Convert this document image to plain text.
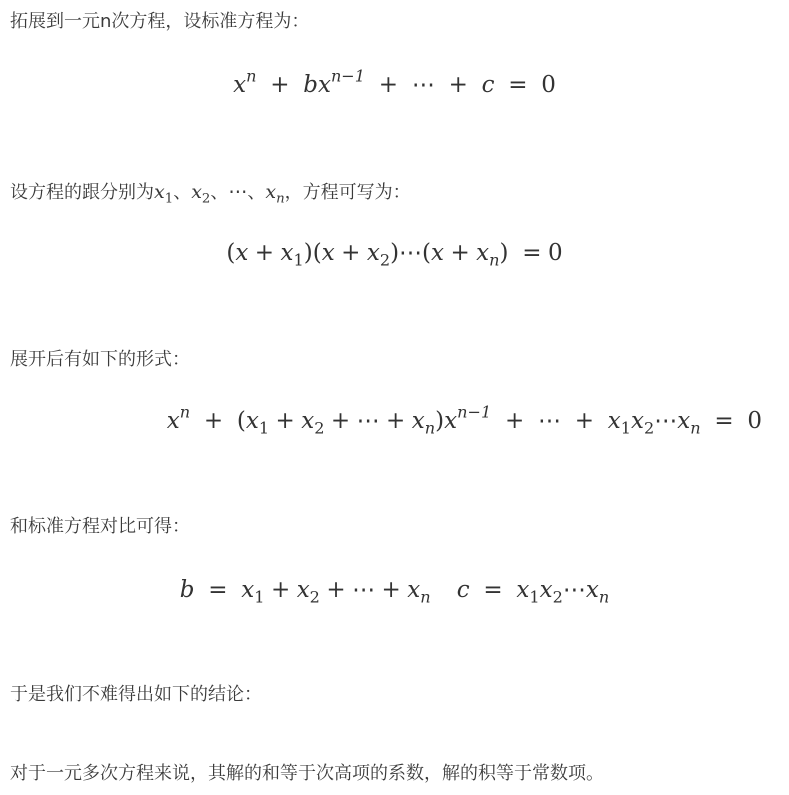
拓展到一元n次方程，设标准方程为：
$x^n + bx^{n-1}$ + ⋯ + c = 0
设方程的跟分别为$x_1$、$x_2$、⋯、$x_n$，方程可写为：
$(x + x_1)(x$ + $x_2)\cdots(x + x_n) = 0$
展开后有如下的形式：
$x^n + (x_1 + x_2$ + ⋯ + $x_n)x^{n-1}$ + ⋯ + $x_1x_2\cdots x_n = 0$
和标准方程对比可得：
$b = x_1 + x_2$ + ⋯ + $x_n$ $c = x_1x_2\cdots x_n$
于是我们不难得出如下的结论：
对于一元多次方程来说，其解的和等于次高项的系数，解的积等于常数项。
